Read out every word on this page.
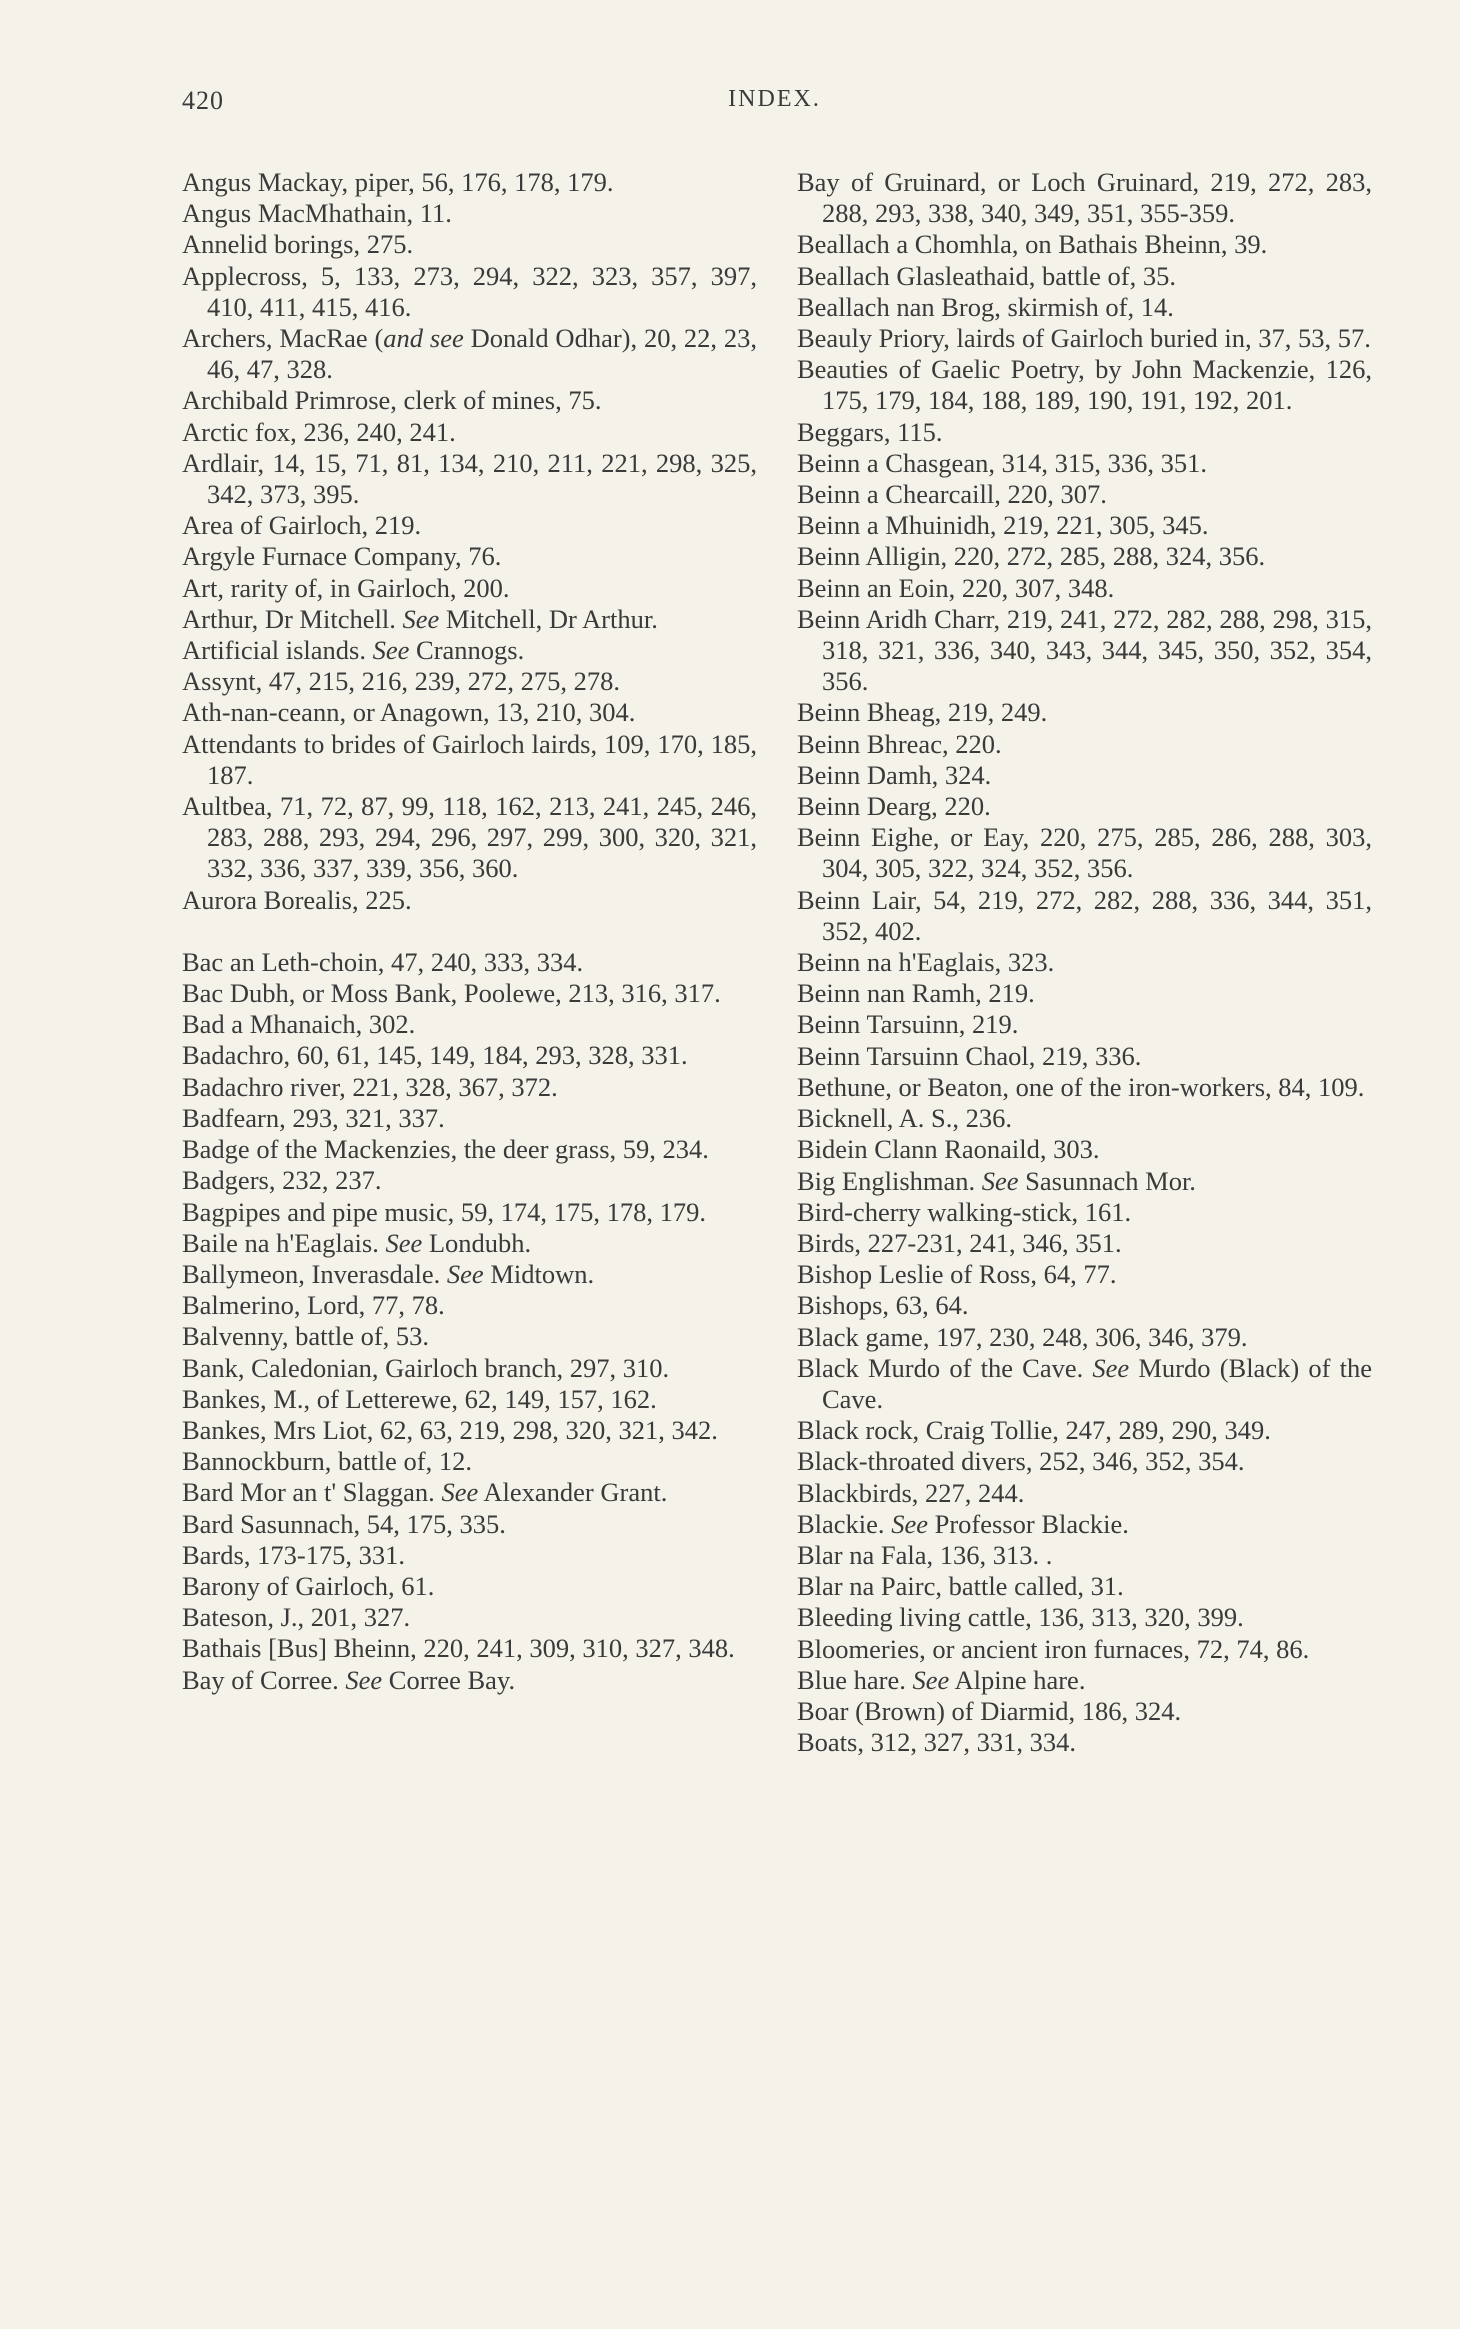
420	INDEX.

Angus Mackay, piper, 56, 176, 178, 179.

Angus MacMhathain, 11.

Annelid borings, 275.

Applecross, 5, 133, 273, 294, 322, 323, 357, 397, 410, 411, 415, 416.

Archers, MacRae (and see Donald Odhar), 20, 22, 23, 46, 47, 328.

Archibald Primrose, clerk of mines, 75.

Arctic fox, 236, 240, 241.

Ardlair, 14, 15, 71, 81, 134, 210, 211, 221, 298, 325, 342, 373, 395.

Area of Gairloch, 219.

Argyle Furnace Company, 76.

Art, rarity of, in Gairloch, 200.

Arthur, Dr Mitchell. See Mitchell, Dr Arthur.

Artificial islands. See Crannogs.

Assynt, 47, 215, 216, 239, 272, 275, 278.

Ath-nan-ceann, or Anagown, 13, 210, 304.

Attendants to brides of Gairloch lairds, 109, 170, 185, 187.

Aultbea, 71, 72, 87, 99, 118, 162, 213, 241, 245, 246, 283, 288, 293, 294, 296, 297, 299, 300, 320, 321, 332, 336, 337, 339, 356, 360.

Aurora Borealis, 225.

Bac an Leth-choin, 47, 240, 333, 334.

Bac Dubh, or Moss Bank, Poolewe, 213, 316, 317.

Bad a Mhanaich, 302.

Badachro, 60, 61, 145, 149, 184, 293, 328, 331.

Badachro river, 221, 328, 367, 372.

Badfearn, 293, 321, 337.

Badge of the Mackenzies, the deer grass, 59, 234.

Badgers, 232, 237.

Bagpipes and pipe music, 59, 174, 175, 178, 179.

Baile na h'Eaglais. See Londubh.

Ballymeon, Inverasdale. See Midtown.

Balmerino, Lord, 77, 78.

Balvenny, battle of, 53.

Bank, Caledonian, Gairloch branch, 297, 310.

Bankes, M., of Letterewe, 62, 149, 157, 162.

Bankes, Mrs Liot, 62, 63, 219, 298, 320, 321, 342.

Bannockburn, battle of, 12.

Bard Mor an t' Slaggan. See Alexander Grant.

Bard Sasunnach, 54, 175, 335.

Bards, 173-175, 331.

Barony of Gairloch, 61.

Bateson, J., 201, 327.

Bathais [Bus] Bheinn, 220, 241, 309, 310, 327, 348.

Bay of Corree. See Corree Bay.

Bay of Gruinard, or Loch Gruinard, 219, 272, 283, 288, 293, 338, 340, 349, 351, 355-359.

Beallach a Chomhla, on Bathais Bheinn, 39.

Beallach Glasleathaid, battle of, 35.

Beallach nan Brog, skirmish of, 14.

Beauly Priory, lairds of Gairloch buried in, 37, 53, 57.

Beauties of Gaelic Poetry, by John Mackenzie, 126, 175, 179, 184, 188, 189, 190, 191, 192, 201.

Beggars, 115.

Beinn a Chasgean, 314, 315, 336, 351.

Beinn a Chearcaill, 220, 307.

Beinn a Mhuinidh, 219, 221, 305, 345.

Beinn Alligin, 220, 272, 285, 288, 324, 356.

Beinn an Eoin, 220, 307, 348.

Beinn Aridh Charr, 219, 241, 272, 282, 288, 298, 315, 318, 321, 336, 340, 343, 344, 345, 350, 352, 354, 356.

Beinn Bheag, 219, 249.

Beinn Bhreac, 220.

Beinn Damh, 324.

Beinn Dearg, 220.

Beinn Eighe, or Eay, 220, 275, 285, 286, 288, 303, 304, 305, 322, 324, 352, 356.

Beinn Lair, 54, 219, 272, 282, 288, 336, 344, 351, 352, 402.

Beinn na h'Eaglais, 323.

Beinn nan Ramh, 219.

Beinn Tarsuinn, 219.

Beinn Tarsuinn Chaol, 219, 336.

Bethune, or Beaton, one of the iron-workers, 84, 109.

Bicknell, A. S., 236.

Bidein Clann Raonaild, 303.

Big Englishman. See Sasunnach Mor.

Bird-cherry walking-stick, 161.

Birds, 227-231, 241, 346, 351.

Bishop Leslie of Ross, 64, 77.

Bishops, 63, 64.

Black game, 197, 230, 248, 306, 346, 379.

Black Murdo of the Cave. See Murdo (Black) of the Cave.

Black rock, Craig Tollie, 247, 289, 290, 349.

Black-throated divers, 252, 346, 352, 354.

Blackbirds, 227, 244.

Blackie. See Professor Blackie.

Blar na Fala, 136, 313. .

Blar na Pairc, battle called, 31.

Bleeding living cattle, 136, 313, 320, 399.

Bloomeries, or ancient iron furnaces, 72, 74, 86.

Blue hare. See Alpine hare.

Boar (Brown) of Diarmid, 186, 324.

Boats, 312, 327, 331, 334.
